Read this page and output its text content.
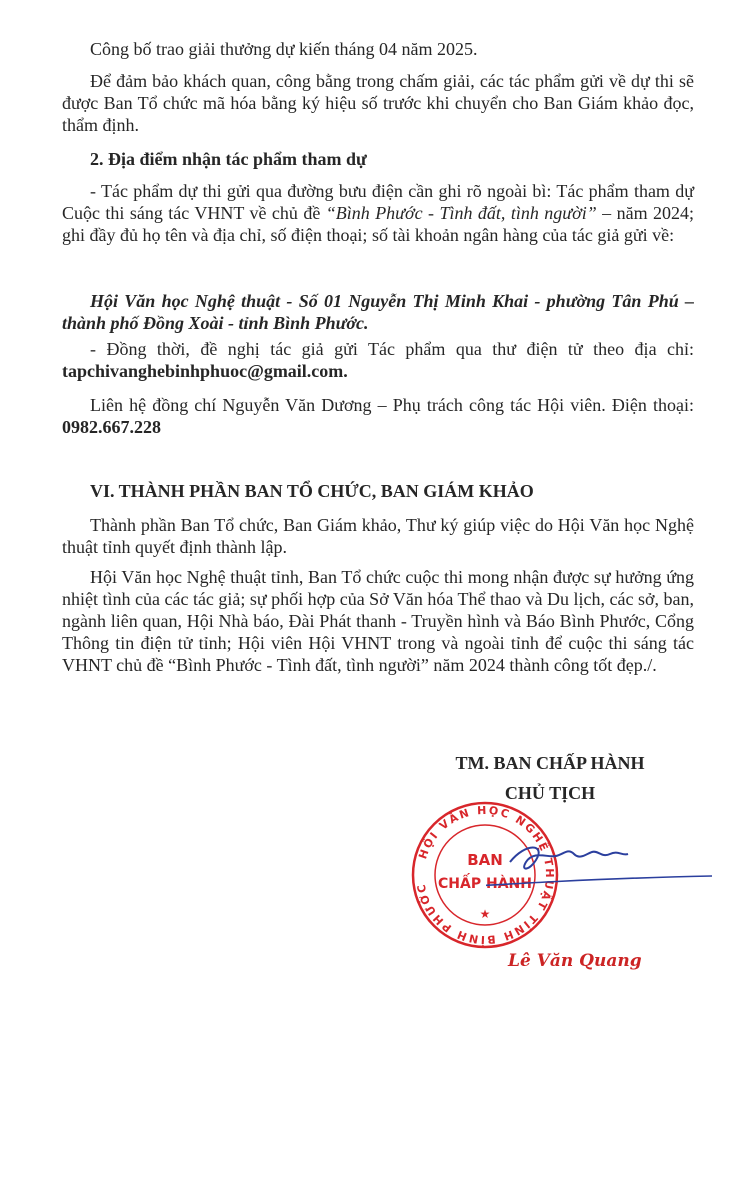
Công bố trao giải thưởng dự kiến tháng 04 năm 2025.

Để đảm bảo khách quan, công bằng trong chấm giải, các tác phẩm gửi về dự thi sẽ được Ban Tổ chức mã hóa bằng ký hiệu số trước khi chuyển cho Ban Giám khảo đọc, thẩm định.

2. Địa điểm nhận tác phẩm tham dự

- Tác phẩm dự thi gửi qua đường bưu điện cần ghi rõ ngoài bì: Tác phẩm tham dự Cuộc thi sáng tác VHNT về chủ đề “Bình Phước - Tình đất, tình người” – năm 2024; ghi đầy đủ họ tên và địa chỉ, số điện thoại; số tài khoản ngân hàng của tác giả gửi về:

Hội Văn học Nghệ thuật - Số 01 Nguyễn Thị Minh Khai - phường Tân Phú – thành phố Đồng Xoài - tỉnh Bình Phước.

- Đồng thời, đề nghị tác giả gửi Tác phẩm qua thư điện tử theo địa chỉ: tapchivanghebinhphuoc@gmail.com.

Liên hệ đồng chí Nguyễn Văn Dương – Phụ trách công tác Hội viên. Điện thoại: 0982.667.228

VI. THÀNH PHẦN BAN TỔ CHỨC, BAN GIÁM KHẢO

Thành phần Ban Tổ chức, Ban Giám khảo, Thư ký giúp việc do Hội Văn học Nghệ thuật tỉnh quyết định thành lập.

Hội Văn học Nghệ thuật tỉnh, Ban Tổ chức cuộc thi mong nhận được sự hưởng ứng nhiệt tình của các tác giả; sự phối hợp của Sở Văn hóa Thể thao và Du lịch, các sở, ban, ngành liên quan, Hội Nhà báo, Đài Phát thanh - Truyền hình và Báo Bình Phước, Cổng Thông tin điện tử tỉnh; Hội viên Hội VHNT trong và ngoài tỉnh để cuộc thi sáng tác VHNT chủ đề “Bình Phước - Tình đất, tình người” năm 2024 thành công tốt đẹp./.

TM. BAN CHẤP HÀNH
CHỦ TỊCH
HỘI VĂN HỌC NGHỆ THUẬT TỈNH BÌNH PHƯỚC
BAN
CHẤP HÀNH
★
Lê Văn Quang
